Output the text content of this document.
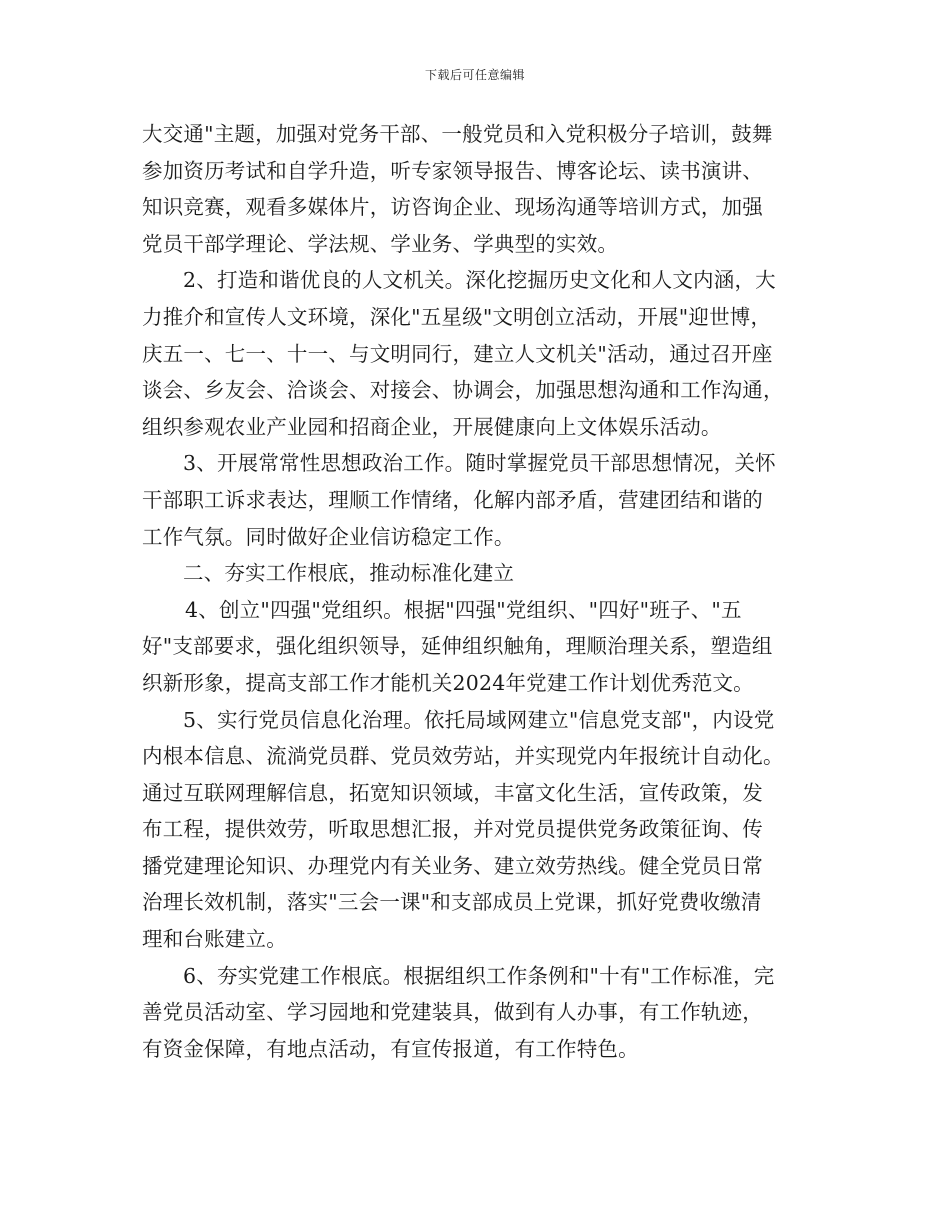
下载后可任意编辑
大交通"主题，加强对党务干部、一般党员和入党积极分子培训，鼓舞
参加资历考试和自学升造，听专家领导报告、博客论坛、读书演讲、
知识竞赛，观看多媒体片，访咨询企业、现场沟通等培训方式，加强
党员干部学理论、学法规、学业务、学典型的实效。
2、打造和谐优良的人文机关。深化挖掘历史文化和人文内涵，大
力推介和宣传人文环境，深化"五星级"文明创立活动，开展"迎世博，
庆五一、七一、十一、与文明同行，建立人文机关"活动，通过召开座
谈会、乡友会、洽谈会、对接会、协调会，加强思想沟通和工作沟通，
组织参观农业产业园和招商企业，开展健康向上文体娱乐活动。
3、开展常常性思想政治工作。随时掌握党员干部思想情况，关怀
干部职工诉求表达，理顺工作情绪，化解内部矛盾，营建团结和谐的
工作气氛。同时做好企业信访稳定工作。
二、夯实工作根底，推动标准化建立
4、创立"四强"党组织。根据"四强"党组织、"四好"班子、"五
好"支部要求，强化组织领导，延伸组织触角，理顺治理关系，塑造组
织新形象，提高支部工作才能机关2024年党建工作计划优秀范文。
5、实行党员信息化治理。依托局域网建立"信息党支部"，内设党
内根本信息、流淌党员群、党员效劳站，并实现党内年报统计自动化。
通过互联网理解信息，拓宽知识领域，丰富文化生活，宣传政策，发
布工程，提供效劳，听取思想汇报，并对党员提供党务政策征询、传
播党建理论知识、办理党内有关业务、建立效劳热线。健全党员日常
治理长效机制，落实"三会一课"和支部成员上党课，抓好党费收缴清
理和台账建立。
6、夯实党建工作根底。根据组织工作条例和"十有"工作标准，完
善党员活动室、学习园地和党建装具，做到有人办事，有工作轨迹，
有资金保障，有地点活动，有宣传报道，有工作特色。
